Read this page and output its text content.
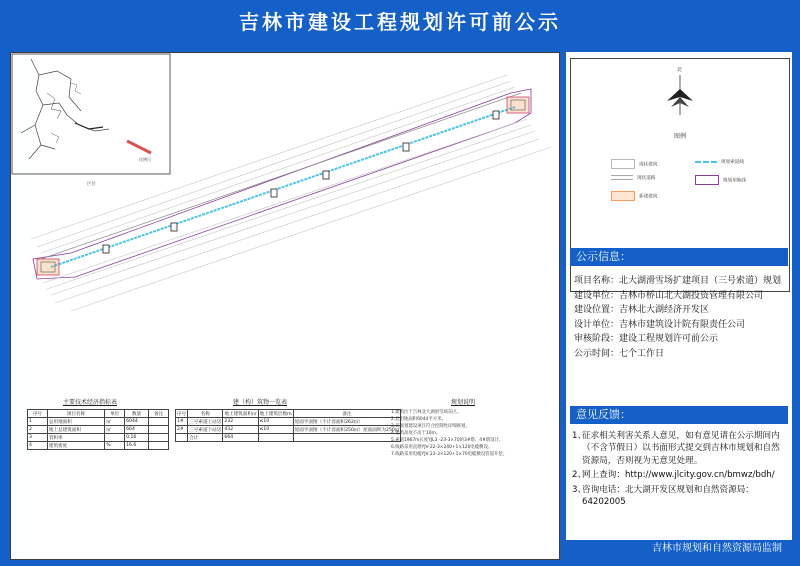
吉林市建设工程规划许可前公示
比例尺
区位
主要技术经济指标表
序号	项目名称	单位	数量	备注
1	总用地面积	㎡	6044	
2	地上总建筑面积	㎡	664	
3	容积率		0.16	
4	建筑密度	%	16.6	
建（构）筑物一览表
序号	名称	地上建筑面积㎡	地上建筑层数m	备注
1#	三号索道上站房	232	≤10	屋面平面图（不计容面积262㎡）
2#	三号索道下站房	432	≤10	屋面平面图（不计容面积250㎡）屋面面积为250㎡
	合计	664		
规划说明
1.建筑位于吉林北大湖滑雪场东区。
2.总用地面积6044平方米。
3.该规划建设项目符合控制性详细规划。
4.建筑高度不高于10m。
5.索道1967m长度YJL3 -23-3×70的3#塔、4#塔设计。
6.线路采用直埋YJV-22-3×240+1×120电缆敷设。
7.线路采用电缆YJV 22-3×120+1×70电缆敷设管道开挖。
北
图例
现状建筑	规划索道线
现状道路	规划用地线
新建建筑
公示信息：
项目名称：北大湖滑雪场扩建项目（三号索道）规划
建设单位：吉林市桥山北大湖投资管理有限公司
建设位置：吉林北大湖经济开发区
设计单位：吉林市建筑设计院有限责任公司
审核阶段：建设工程规划许可前公示
公示时间：七个工作日
意见反馈：
1、
征求相关利害关系人意见，如有意见请在公示期间内（不含节假日）以书面形式提交到吉林市规划和自然资源局，否则视为无意见处理。
2、
网上查询：http://www.jlcity.gov.cn/bmwz/bdh/
3、
咨询电话：北大湖开发区规划和自然资源局：64202005
吉林市规划和自然资源局监制
